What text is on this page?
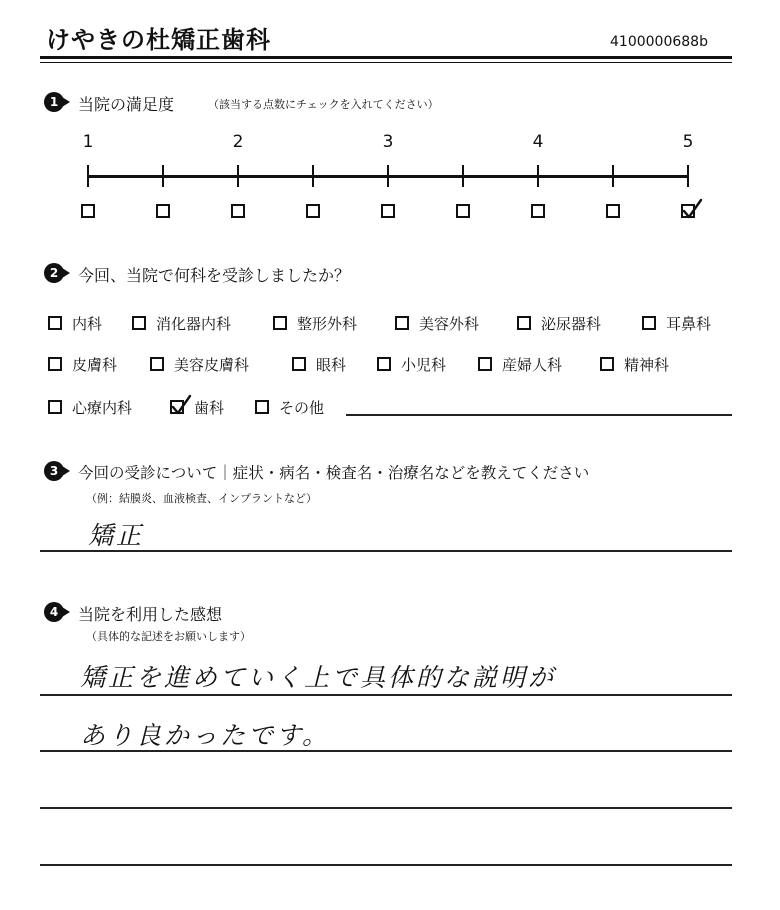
けやきの杜矯正歯科	4100000688b
1	当院の満足度	（該当する点数にチェックを入れてください）
1	2	3	4	5
2	今回、当院で何科を受診しましたか？
内科	消化器内科	整形外科	美容外科	泌尿器科	耳鼻科
皮膚科	美容皮膚科	眼科	小児科	産婦人科	精神科
心療内科	歯科	その他
3	今回の受診について｜症状・病名・検査名・治療名などを教えてください
（例：結膜炎、血液検査、インプラントなど）
矯正
4	当院を利用した感想
（具体的な記述をお願いします）
矯正を進めていく上で具体的な説明が
あり良かったです。
